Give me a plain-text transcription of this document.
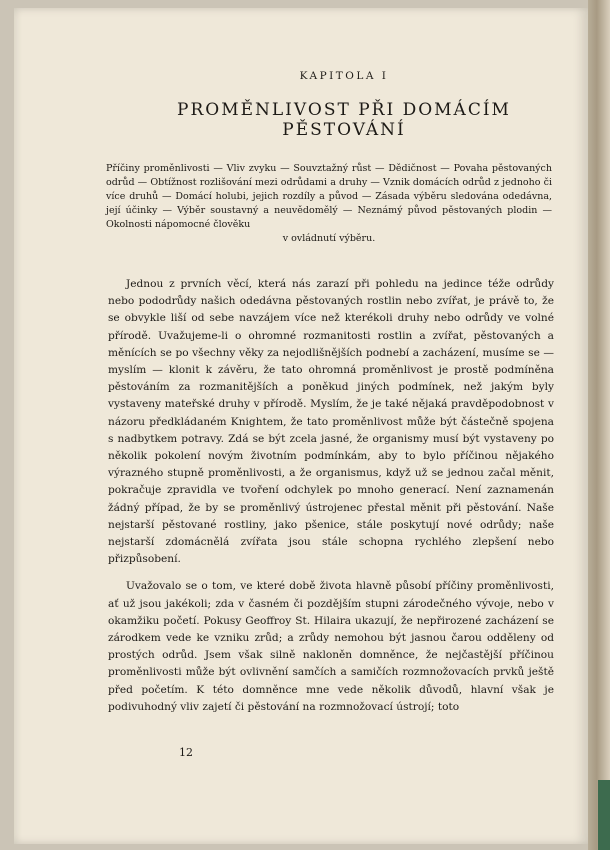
KAPITOLA I
PROMĚNLIVOST PŘI DOMÁCÍM PĚSTOVÁNÍ
Příčiny proměnlivosti — Vliv zvyku — Souvztažný růst — Dědičnost — Povaha pěstovaných odrůd — Obtížnost rozlišování mezi odrůdami a druhy — Vznik domácích odrůd z jednoho či více druhů — Domácí holubi, jejich rozdíly a původ — Zásada výběru sledována odedávna, její účinky — Výběr soustavný a neuvědomělý — Neznámý původ pěstovaných plodin — Okolnosti nápomocné člověku
v ovládnutí výběru.

Jednou z prvních věcí, která nás zarazí při pohledu na jedince téže odrůdy nebo pododrůdy našich odedávna pěstovaných rostlin nebo zvířat, je právě to, že se obvykle liší od sebe navzájem více než kterékoli druhy nebo odrůdy ve volné přírodě. Uvažujeme-li o ohromné rozmanitosti rostlin a zvířat, pěstovaných a měnících se po všechny věky za nejodlišnějších podnebí a zacházení, musíme se — myslím — klonit k závěru, že tato ohromná proměnlivost je prostě podmíněna pěstováním za rozmanitějších a poněkud jiných podmínek, než jakým byly vystaveny mateřské druhy v přírodě. Myslím, že je také nějaká pravděpodobnost v názoru předkládaném Knightem, že tato proměnlivost může být částečně spojena s nadbytkem potravy. Zdá se být zcela jasné, že organismy musí být vystaveny po několik pokolení novým životním podmínkám, aby to bylo příčinou nějakého výrazného stupně proměnlivosti, a že organismus, když už se jednou začal měnit, pokračuje zpravidla ve tvoření odchylek po mnoho generací. Není zaznamenán žádný případ, že by se proměnlivý ústrojenec přestal měnit při pěstování. Naše nejstarší pěstované rostliny, jako pšenice, stále poskytují nové odrůdy; naše nejstarší zdomácnělá zvířata jsou stále schopna rychlého zlepšení nebo přizpůsobení.

Uvažovalo se o tom, ve které době života hlavně působí příčiny proměnlivosti, ať už jsou jakékoli; zda v časném či pozdějším stupni zárodečného vývoje, nebo v okamžiku početí. Pokusy Geoffroy St. Hilaira ukazují, že nepřirozené zacházení se zárodkem vede ke vzniku zrůd; a zrůdy nemohou být jasnou čarou odděleny od prostých odrůd. Jsem však silně nakloněn domněnce, že nejčastější příčinou proměnlivosti může být ovlivnění samčích a samičích rozmnožovacích prvků ještě před početím. K této domněnce mne vede několik důvodů, hlavní však je podivuhodný vliv zajetí či pěstování na rozmnožovací ústrojí; toto

12
